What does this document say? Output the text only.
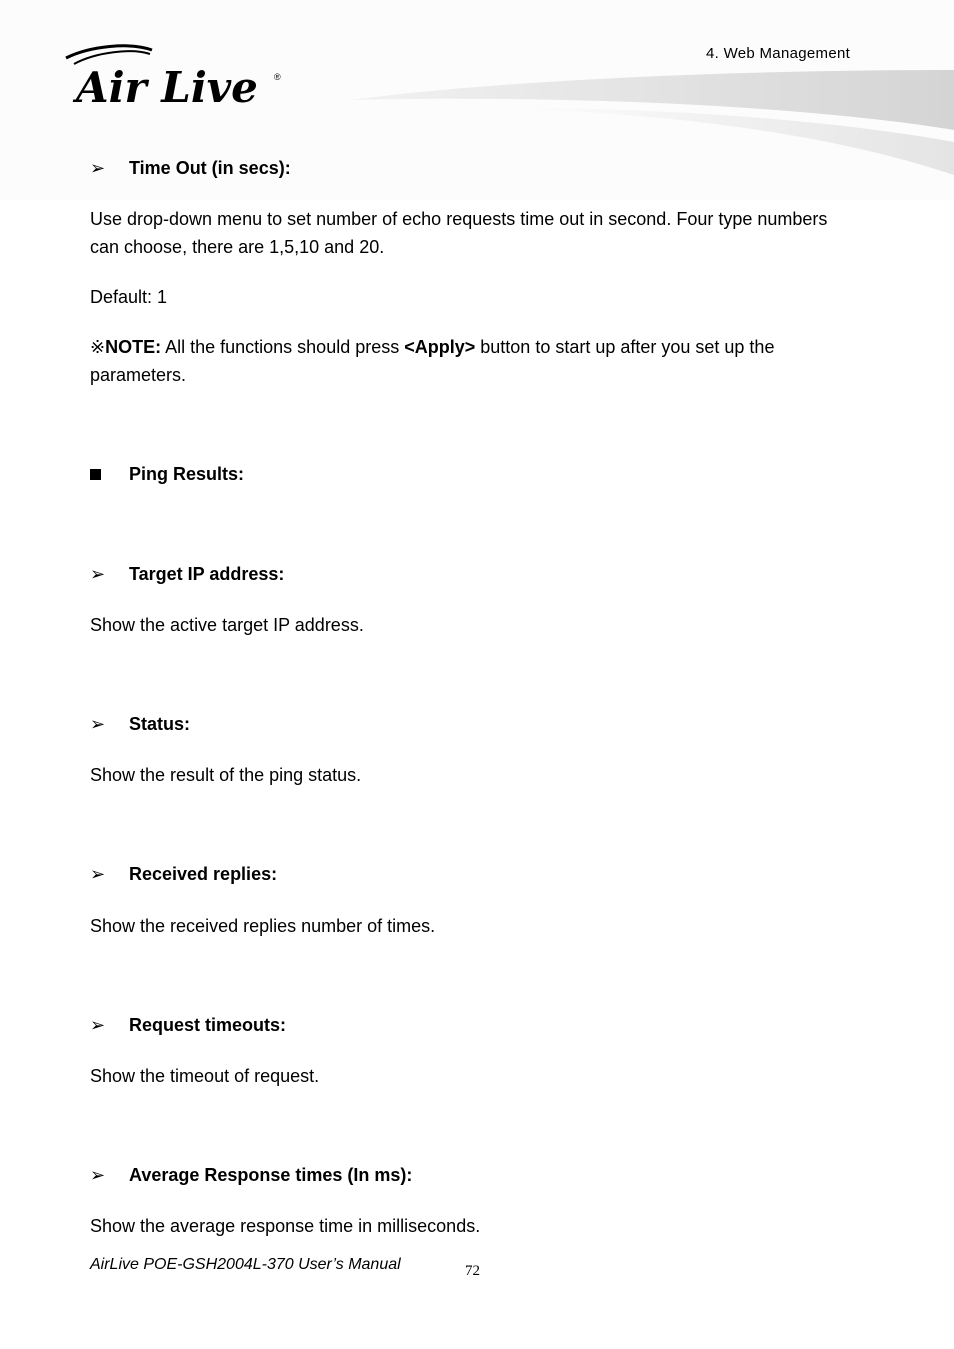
Air Live ®
4. Web Management
➢ Time Out (in secs):
Use drop-down menu to set number of echo requests time out in second. Four type numbers can choose, there are 1,5,10 and 20.
Default: 1
※NOTE: All the functions should press <Apply> button to start up after you set up the parameters.
Ping Results:
➢ Target IP address:
Show the active target IP address.
➢ Status:
Show the result of the ping status.
➢ Received replies:
Show the received replies number of times.
➢ Request timeouts:
Show the timeout of request.
➢ Average Response times (In ms):
Show the average response time in milliseconds.
AirLive POE-GSH2004L-370 User’s Manual	72
